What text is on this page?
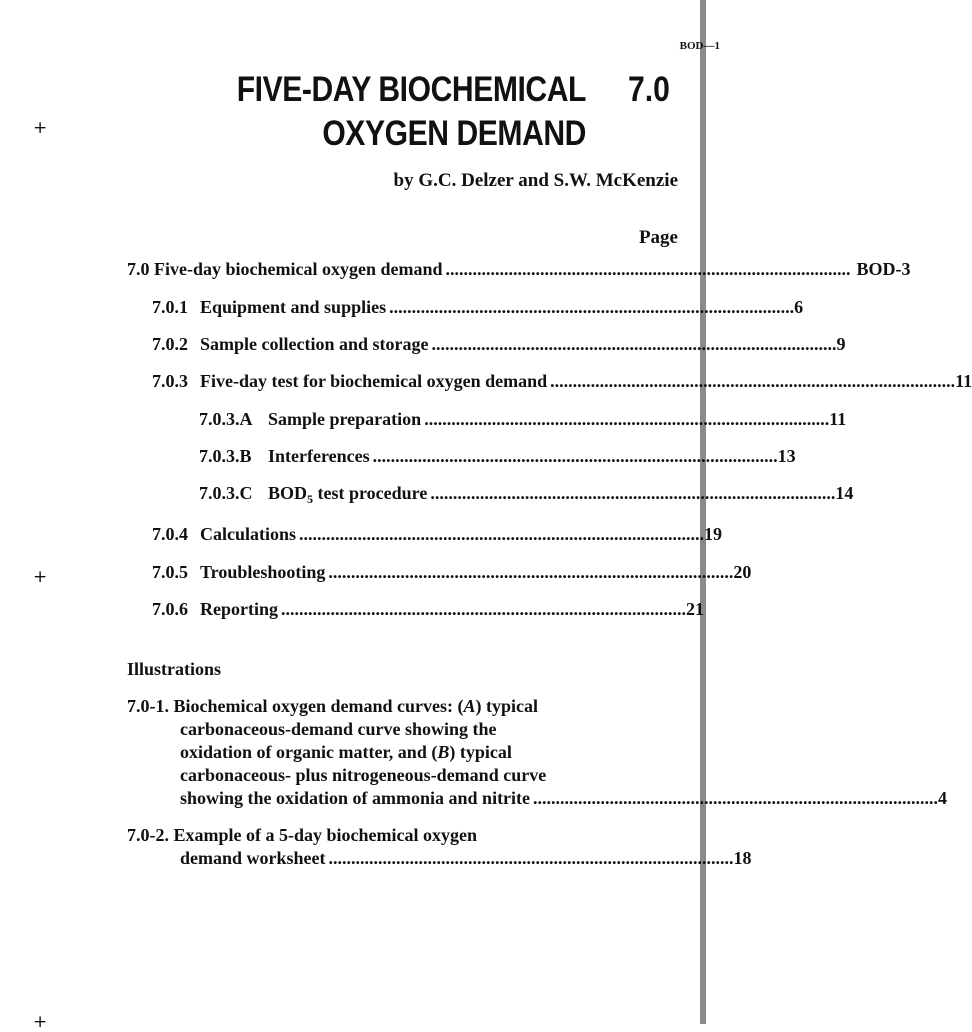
BOD—1
+
+
+
FIVE-DAY BIOCHEMICAL
OXYGEN DEMAND
7.0
by G.C. Delzer and S.W. McKenzie
Page
7.0 Five-day biochemical oxygen demand .......................................................................................... BOD-3
7.0.1 Equipment and supplies .......................................................................................... 6
7.0.2 Sample collection and storage .......................................................................................... 9
7.0.3 Five-day test for biochemical oxygen demand .......................................................................................... 11
7.0.3.A Sample preparation .......................................................................................... 11
7.0.3.B Interferences .......................................................................................... 13
7.0.3.C $BOD_5$ test procedure .......................................................................................... 14
7.0.4 Calculations .......................................................................................... 19
7.0.5 Troubleshooting .......................................................................................... 20
7.0.6 Reporting .......................................................................................... 21
Illustrations
7.0-1. Biochemical oxygen demand curves: (A) typical
carbonaceous-demand curve showing the
oxidation of organic matter, and (B) typical
carbonaceous- plus nitrogeneous-demand curve
showing the oxidation of ammonia and nitrite .......................................................................................... 4
7.0-2. Example of a 5-day biochemical oxygen
demand worksheet .......................................................................................... 18
